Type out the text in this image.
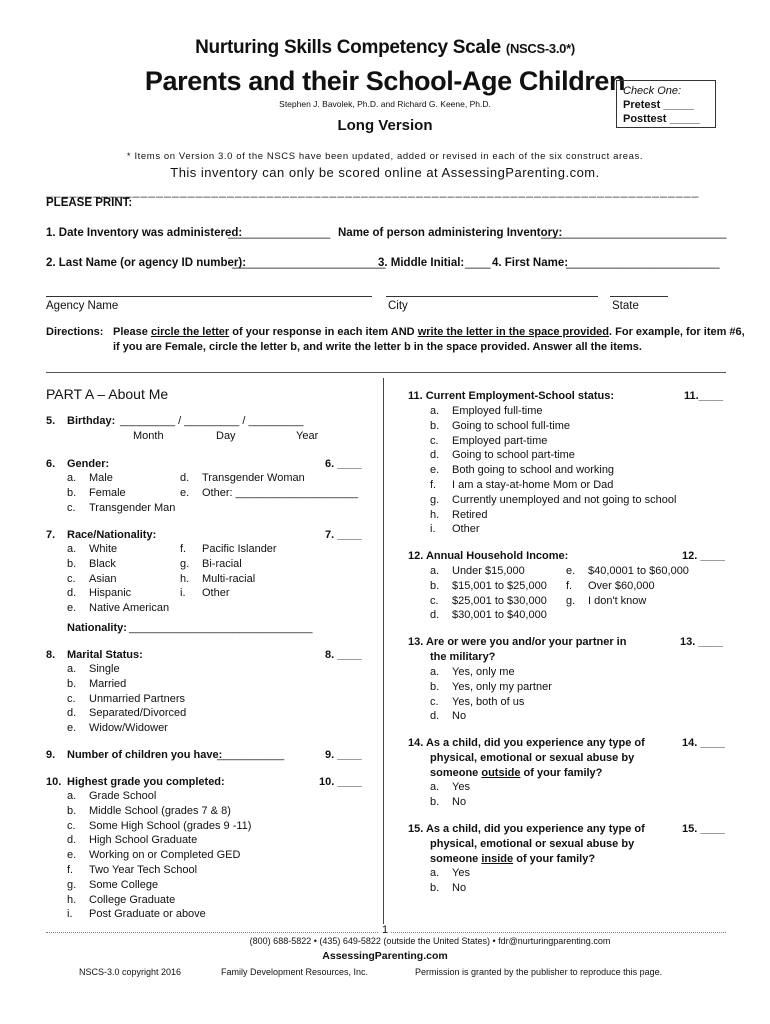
Nurturing Skills Competency Scale (NSCS-3.0*)
Parents and their School-Age Children
Stephen J. Bavolek, Ph.D. and Richard G. Keene, Ph.D.
Long Version
Check One:
Pretest _____
Posttest _____
* Items on Version 3.0 of the NSCS have been updated, added or revised in each of the six construct areas.
This inventory can only be scored online at AssessingParenting.com.
___________________________________________________________________________________
PLEASE PRINT:
1. Date Inventory was administered:
________________ Name of person administering Inventory:
_____________________________
2. Last Name (or agency ID number):
________________________
3. Middle Initial: ____ 4. First Name:
________________________
Agency Name	City	State
Directions: Please circle the letter of your response in each item AND write the letter in the space provided. For example, for item #6,
if you are Female, circle the letter b, and write the letter b in the space provided. Answer all the items.
PART A – About Me
5. Birthday: _________ / _________ / _________
Month	Day	Year
6. Gender:	6. ____
a. Male
b. Female
c. Transgender Man
d. Transgender Woman
e. Other: ____________________
7. Race/Nationality:	7. ____
a. White
b. Black
c. Asian
d. Hispanic
e. Native American
f. Pacific Islander
g. Bi-racial
h. Multi-racial
i. Other
Nationality: ______________________________
8. Marital Status:	8. ____
a. Single
b. Married
c. Unmarried Partners
d. Separated/Divorced
e. Widow/Widower
9. Number of children you have:
___________	9. ____
10. Highest grade you completed:	10. ____
a. Grade School
b. Middle School (grades 7 & 8)
c. Some High School (grades 9 -11)
d. High School Graduate
e. Working on or Completed GED
f. Two Year Tech School
g. Some College
h. College Graduate
i. Post Graduate or above
11. Current Employment-School status:	11.____
a. Employed full-time
b. Going to school full-time
c. Employed part-time
d. Going to school part-time
e. Both going to school and working
f. I am a stay-at-home Mom or Dad
g. Currently unemployed and not going to school
h. Retired
i. Other
12. Annual Household Income:	12. ____
a. Under $15,000
b. $15,001 to $25,000
c. $25,001 to $30,000
d. $30,001 to $40,000
e. $40,0001 to $60,000
f. Over $60,000
g. I don't know
13. Are or were you and/or your partner in
the military?
13. ____
a. Yes, only me
b. Yes, only my partner
c. Yes, both of us
d. No
14. As a child, did you experience any type of
physical, emotional or sexual abuse by
someone outside of your family?
14. ____
a. Yes
b. No
15. As a child, did you experience any type of
physical, emotional or sexual abuse by
someone inside of your family?
15. ____
a. Yes
b. No
1
(800) 688-5822 • (435) 649-5822 (outside the United States) • fdr@nurturingparenting.com
AssessingParenting.com
NSCS-3.0 copyright 2016	Family Development Resources, Inc.	Permission is granted by the publisher to reproduce this page.
